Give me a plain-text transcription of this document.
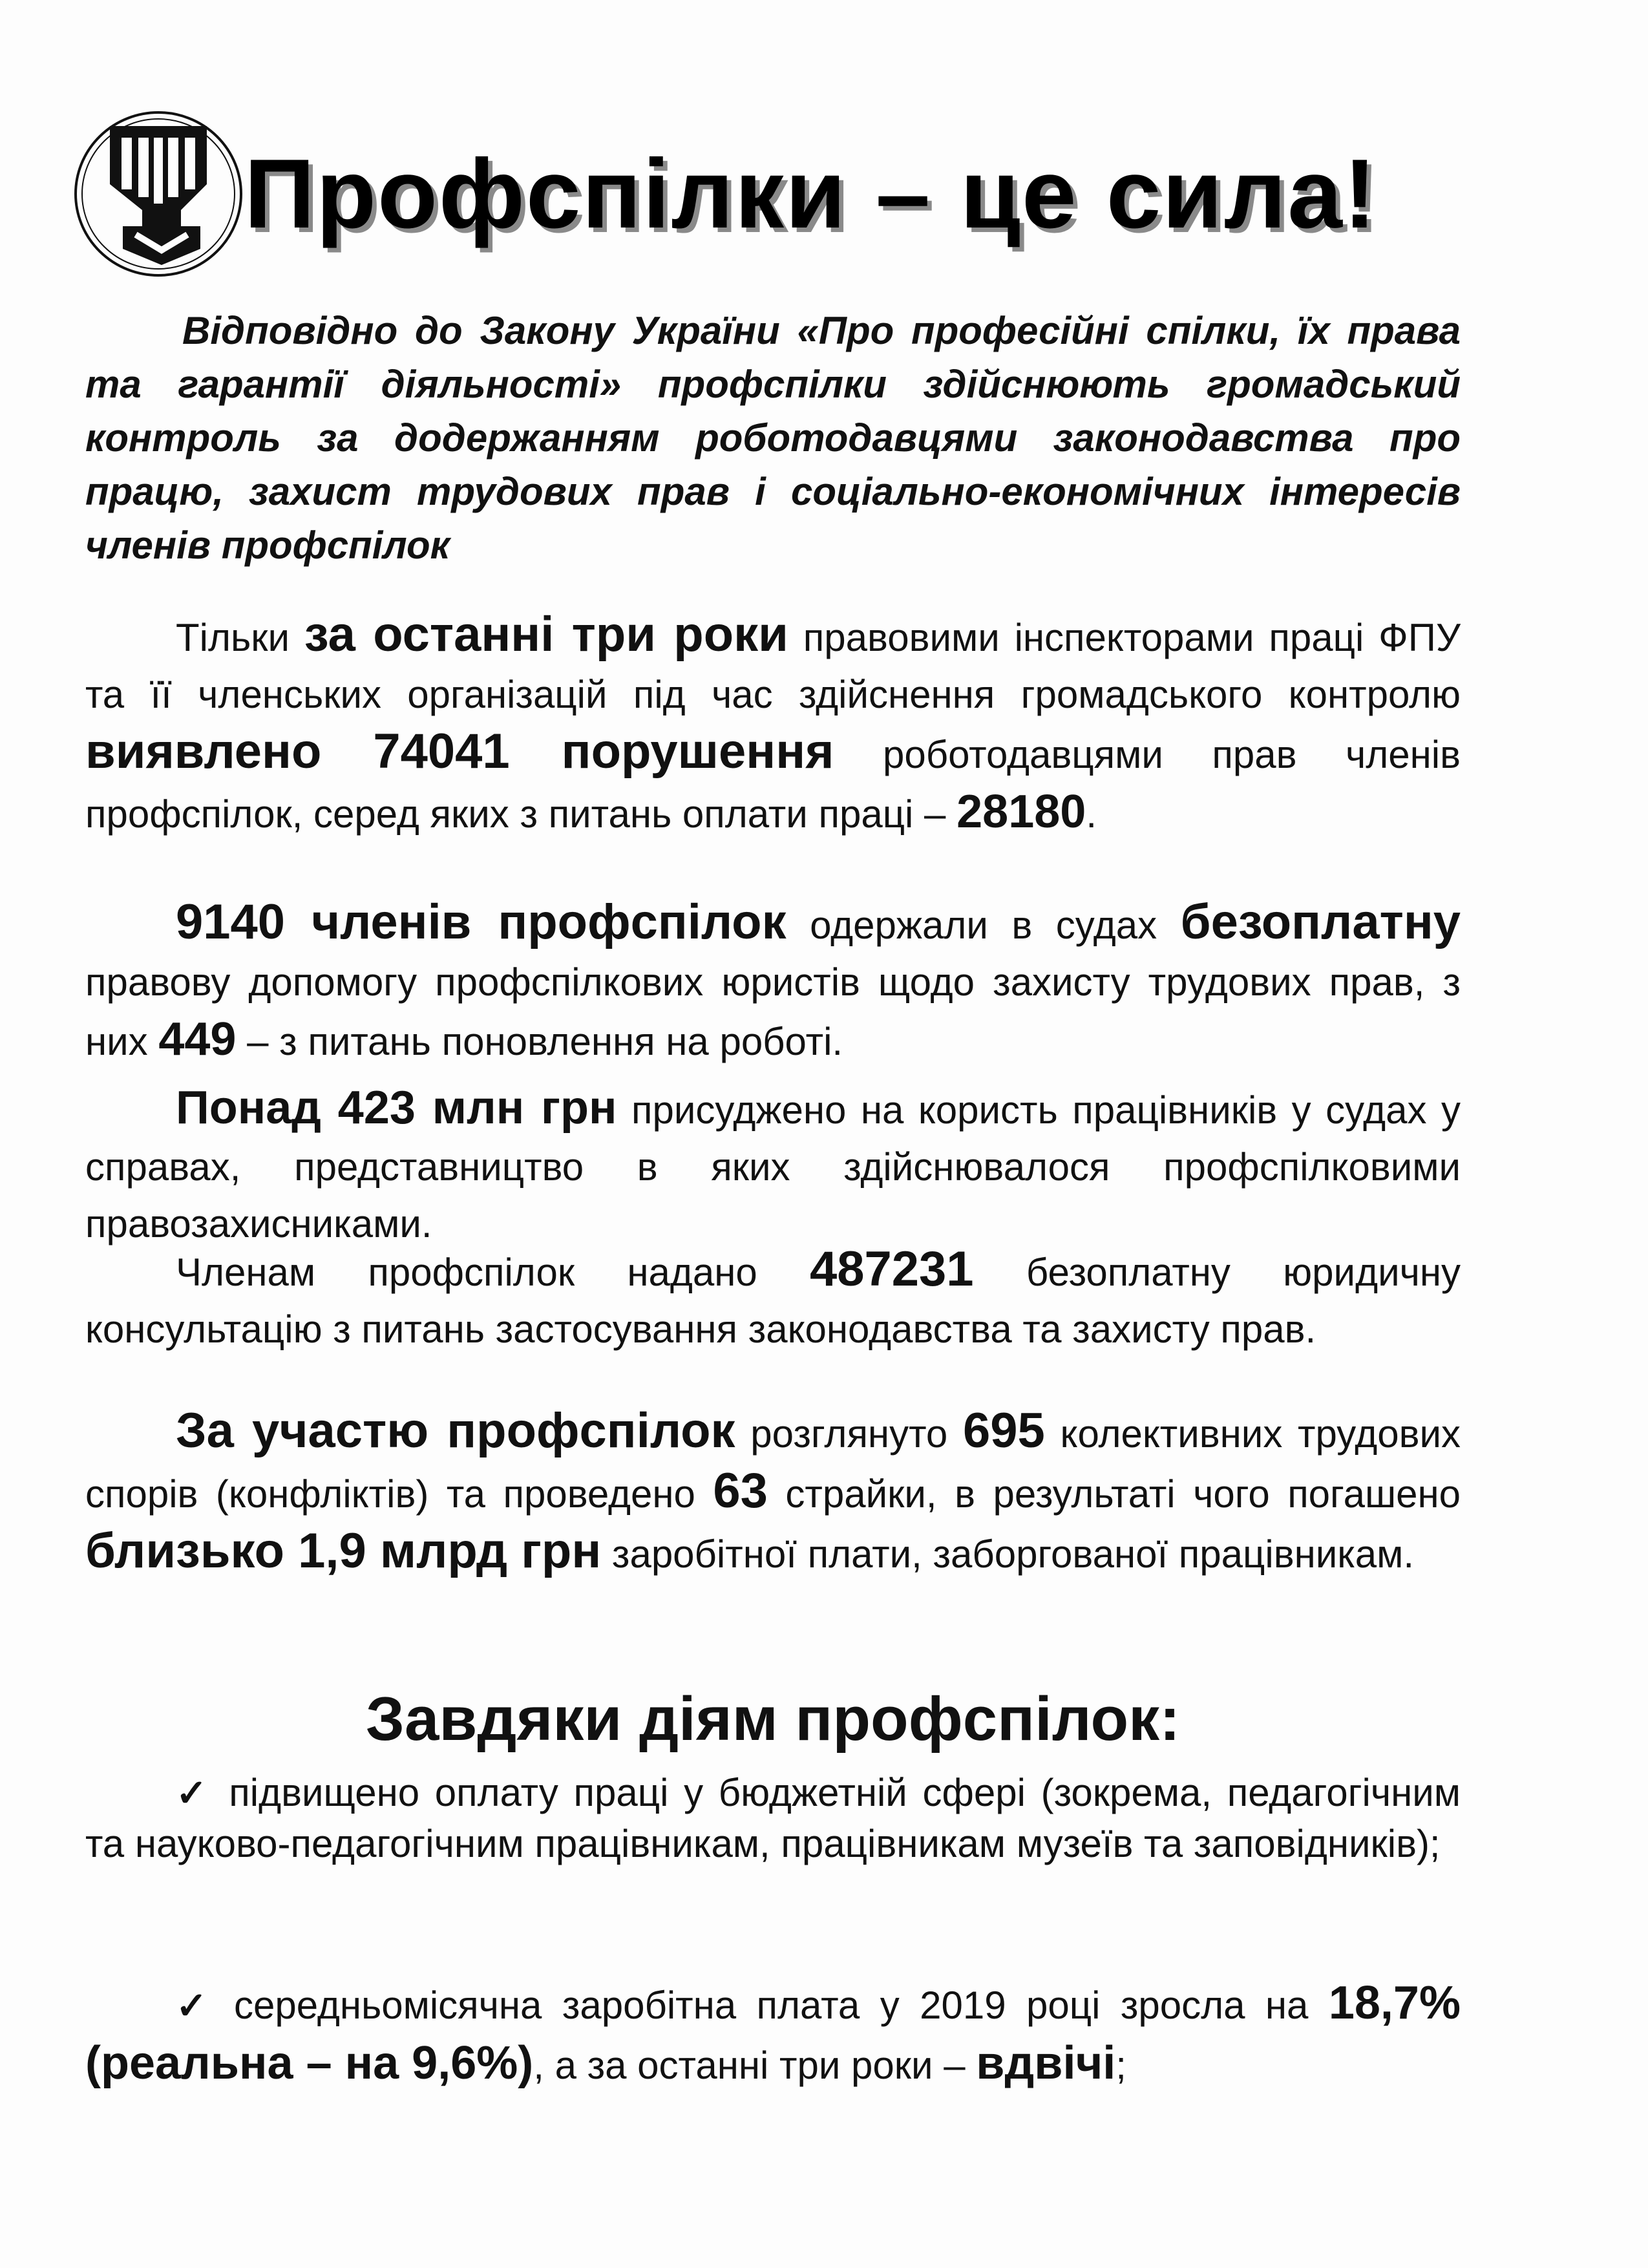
Профспілки – це сила!

Відповідно до Закону України «Про професійні спілки, їх права та гарантії діяльності» профспілки здійснюють громадський контроль за додержанням роботодавцями законодавства про працю, захист трудових прав і соціально-економічних інтересів членів профспілок

Тільки за останні три роки правовими інспекторами праці ФПУ та її членських організацій під час здійснення громадського контролю виявлено 74041 порушення роботодавцями прав членів профспілок, серед яких з питань оплати праці – 28180.

9140 членів профспілок одержали в судах безоплатну правову допомогу профспілкових юристів щодо захисту трудових прав, з них 449 – з питань поновлення на роботі.

Понад 423 млн грн присуджено на користь працівників у судах у справах, представництво в яких здійснювалося профспілковими правозахисниками.

Членам профспілок надано 487231 безоплатну юридичну консультацію з питань застосування законодавства та захисту прав.

За участю профспілок розглянуто 695 колективних трудових спорів (конфліктів) та проведено 63 страйки, в результаті чого погашено близько 1,9 млрд грн заробітної плати, заборгованої працівникам.

Завдяки діям профспілок:

✓ підвищено оплату праці у бюджетній сфері (зокрема, педагогічним та науково-педагогічним працівникам, працівникам музеїв та заповідників);

✓ середньомісячна заробітна плата у 2019 році зросла на 18,7% (реальна – на 9,6%), а за останні три роки – вдвічі;
